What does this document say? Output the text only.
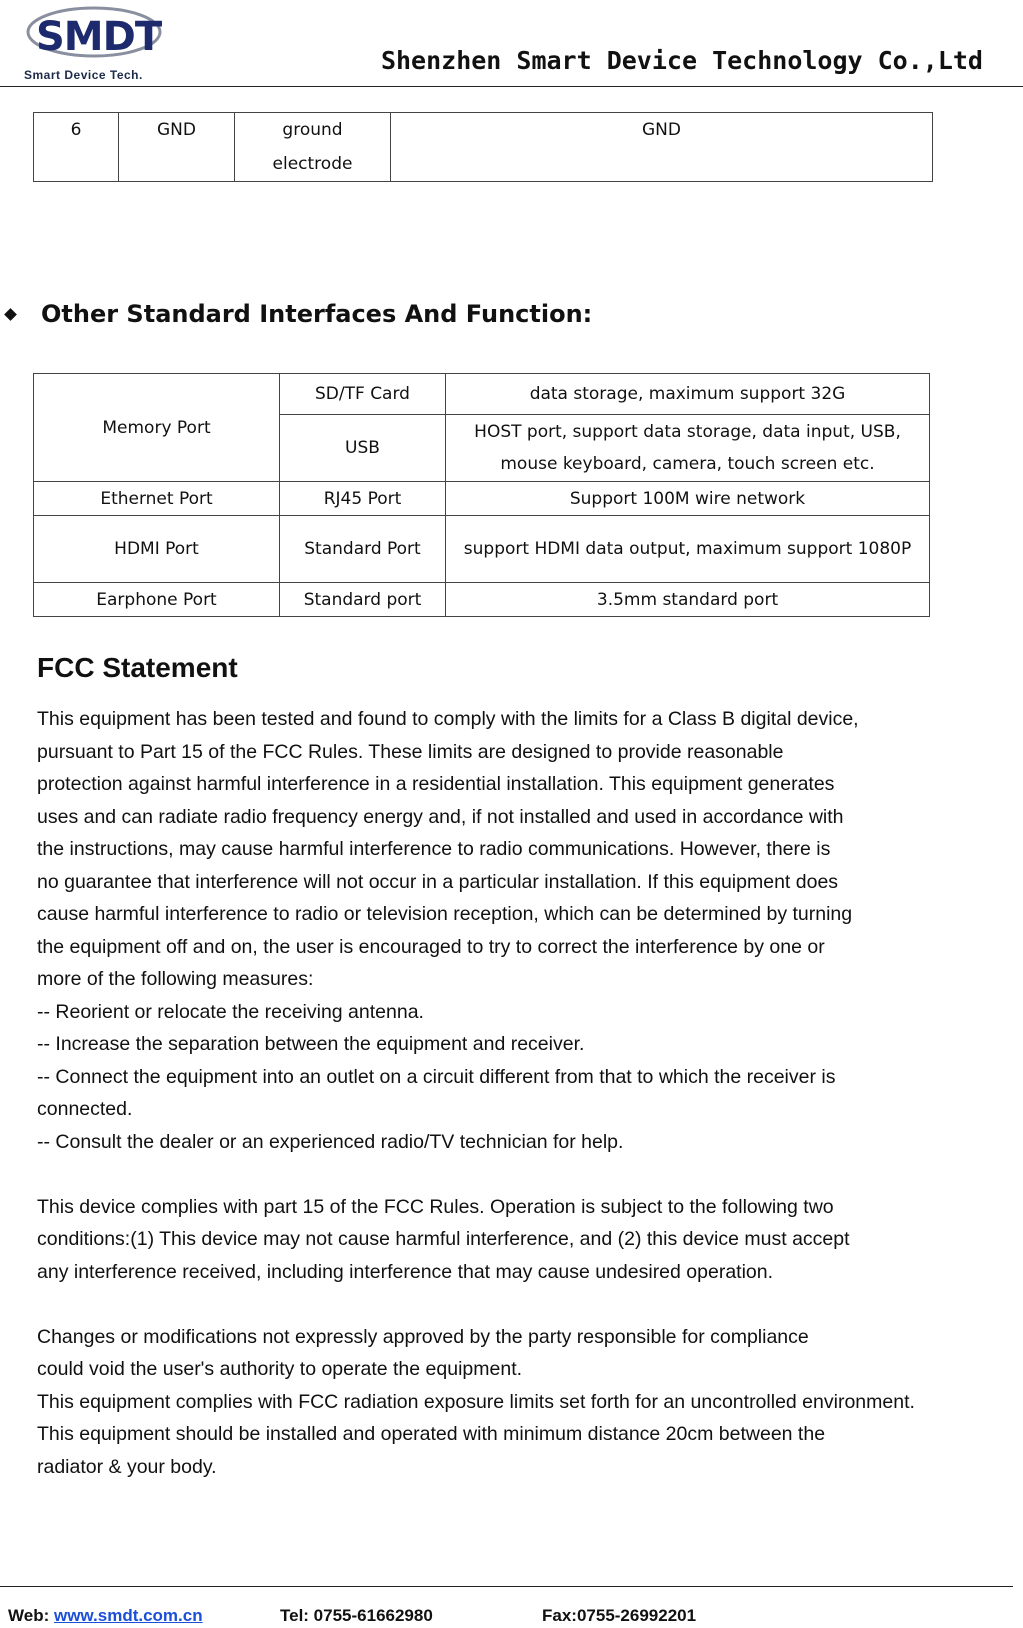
SMDT
Smart Device Tech.	Shenzhen Smart Device Technology Co.,Ltd
6	GND	ground electrode	GND
Other Standard Interfaces And Function:
Memory Port	SD/TF Card	data storage, maximum support 32G
	USB	HOST port, support data storage, data input, USB, mouse keyboard, camera, touch screen etc.
Ethernet Port	RJ45 Port	Support 100M wire network
HDMI Port	Standard Port	support HDMI data output, maximum support 1080P
Earphone Port	Standard port	3.5mm standard port
FCC Statement
This equipment has been tested and found to comply with the limits for a Class B digital device,
pursuant to Part 15 of the FCC Rules. These limits are designed to provide reasonable
protection against harmful interference in a residential installation. This equipment generates
uses and can radiate radio frequency energy and, if not installed and used in accordance with
the instructions, may cause harmful interference to radio communications. However, there is
no guarantee that interference will not occur in a particular installation. If this equipment does
cause harmful interference to radio or television reception, which can be determined by turning
the equipment off and on, the user is encouraged to try to correct the interference by one or
more of the following measures:
-- Reorient or relocate the receiving antenna.
-- Increase the separation between the equipment and receiver.
-- Connect the equipment into an outlet on a circuit different from that to which the receiver is
connected.
-- Consult the dealer or an experienced radio/TV technician for help.
This device complies with part 15 of the FCC Rules. Operation is subject to the following two
conditions:(1) This device may not cause harmful interference, and (2) this device must accept
any interference received, including interference that may cause undesired operation.
Changes or modifications not expressly approved by the party responsible for compliance
could void the user's authority to operate the equipment.
This equipment complies with FCC radiation exposure limits set forth for an uncontrolled environment.
This equipment should be installed and operated with minimum distance 20cm between the
radiator & your body.
Web: www.smdt.com.cn	Tel: 0755-61662980	Fax:0755-26992201
